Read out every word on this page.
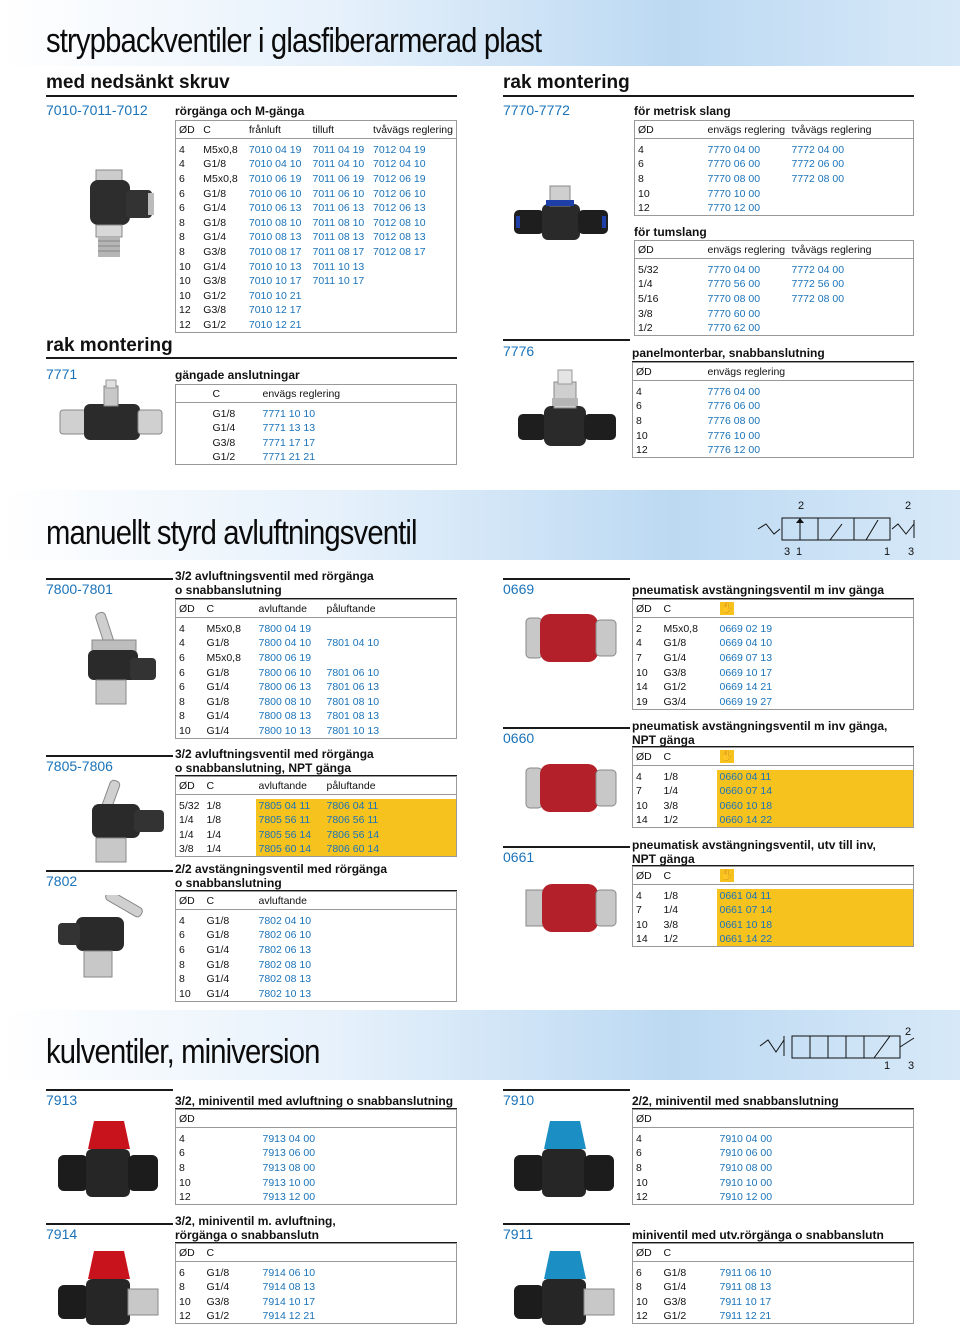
strypbackventiler i glasfiberarmerad plast
med nedsänkt skruv	rak montering
7010-7011-7012 rörgänga och M-gänga
ØD	C	frånluft	tilluft	tvåvägs reglering

4	M5x0,8	7010 04 19	7011 04 19	7012 04 19
4	G1/8	7010 04 10	7011 04 10	7012 04 10
6	M5x0,8	7010 06 19	7011 06 19	7012 06 19
6	G1/8	7010 06 10	7011 06 10	7012 06 10
6	G1/4	7010 06 13	7011 06 13	7012 06 13
8	G1/8	7010 08 10	7011 08 10	7012 08 10
8	G1/4	7010 08 13	7011 08 13	7012 08 13
8	G3/8	7010 08 17	7011 08 17	7012 08 17
10	G1/4	7010 10 13	7011 10 13	
10	G3/8	7010 10 17	7011 10 17	
10	G1/2	7010 10 21		
12	G3/8	7010 12 17		
12	G1/2	7010 12 21		
rak montering
7771	gängade anslutningar
	C	envägs reglering

	G1/8	7771 10 10
	G1/4	7771 13 13
	G3/8	7771 17 17
	G1/2	7771 21 21
7770-7772	för metrisk slang
ØD	envägs reglering	tvåvägs reglering

4	7770 04 00	7772 04 00
6	7770 06 00	7772 06 00
8	7770 08 00	7772 08 00
10	7770 10 00	
12	7770 12 00	
för tumslang
ØD	envägs reglering	tvåvägs reglering

5/32	7770 04 00	7772 04 00
1/4	7770 56 00	7772 56 00
5/16	7770 08 00	7772 08 00
3/8	7770 60 00	
1/2	7770 62 00	
7776	panelmonterbar, snabbanslutning
ØD	envägs reglering

4	7776 04 00
6	7776 06 00
8	7776 08 00
10	7776 10 00
12	7776 12 00
manuellt styrd avluftningsventil
2
3 1
2
1 3
7800-7801
3/2 avluftningsventil med rörgänga
o snabbanslutning
ØD	C	avluftande	påluftande

4	M5x0,8	7800 04 19	
4	G1/8	7800 04 10	7801 04 10
6	M5x0,8	7800 06 19	
6	G1/8	7800 06 10	7801 06 10
6	G1/4	7800 06 13	7801 06 13
8	G1/8	7800 08 10	7801 08 10
8	G1/4	7800 08 13	7801 08 13
10	G1/4	7800 10 13	7801 10 13
7805-7806
3/2 avluftningsventil med rörgänga
o snabbanslutning, NPT gänga
ØD	C	avluftande	påluftande

5/32	1/8	7805 04 11	7806 04 11
1/4	1/8	7805 56 11	7806 56 11
1/4	1/4	7805 56 14	7806 56 14
3/8	1/4	7805 60 14	7806 60 14
7802
2/2 avstängningsventil med rörgänga
o snabbanslutning
ØD	C	avluftande

4	G1/8	7802 04 10
6	G1/8	7802 06 10
6	G1/4	7802 06 13
8	G1/8	7802 08 10
8	G1/4	7802 08 13
10	G1/4	7802 10 13
0669	pneumatisk avstängningsventil m inv gänga
ØD	C	✋

2	M5x0,8	0669 02 19
4	G1/8	0669 04 10
7	G1/4	0669 07 13
10	G3/8	0669 10 17
14	G1/2	0669 14 21
19	G3/4	0669 19 27
0660
pneumatisk avstängningsventil m inv gänga,
NPT gänga
ØD	C	✋

4	1/8	0660 04 11
7	1/4	0660 07 14
10	3/8	0660 10 18
14	1/2	0660 14 22
0661
pneumatisk avstängningsventil, utv till inv,
NPT gänga
ØD	C	✋

4	1/8	0661 04 11
7	1/4	0661 07 14
10	3/8	0661 10 18
14	1/2	0661 14 22
kulventiler, miniversion
2
1 3
7913	3/2, miniventil med avluftning o snabbanslutning
ØD	

4	7913 04 00
6	7913 06 00
8	7913 08 00
10	7913 10 00
12	7913 12 00
7914
3/2, miniventil m. avluftning,
rörgänga o snabbanslutn
ØD	C	

6	G1/8	7914 06 10
8	G1/4	7914 08 13
10	G3/8	7914 10 17
12	G1/2	7914 12 21
7910	2/2, miniventil med snabbanslutning
ØD	

4	7910 04 00
6	7910 06 00
8	7910 08 00
10	7910 10 00
12	7910 12 00
7911	miniventil med utv.rörgänga o snabbanslutn
ØD	C	

6	G1/8	7911 06 10
8	G1/4	7911 08 13
10	G3/8	7911 10 17
12	G1/2	7911 12 21
